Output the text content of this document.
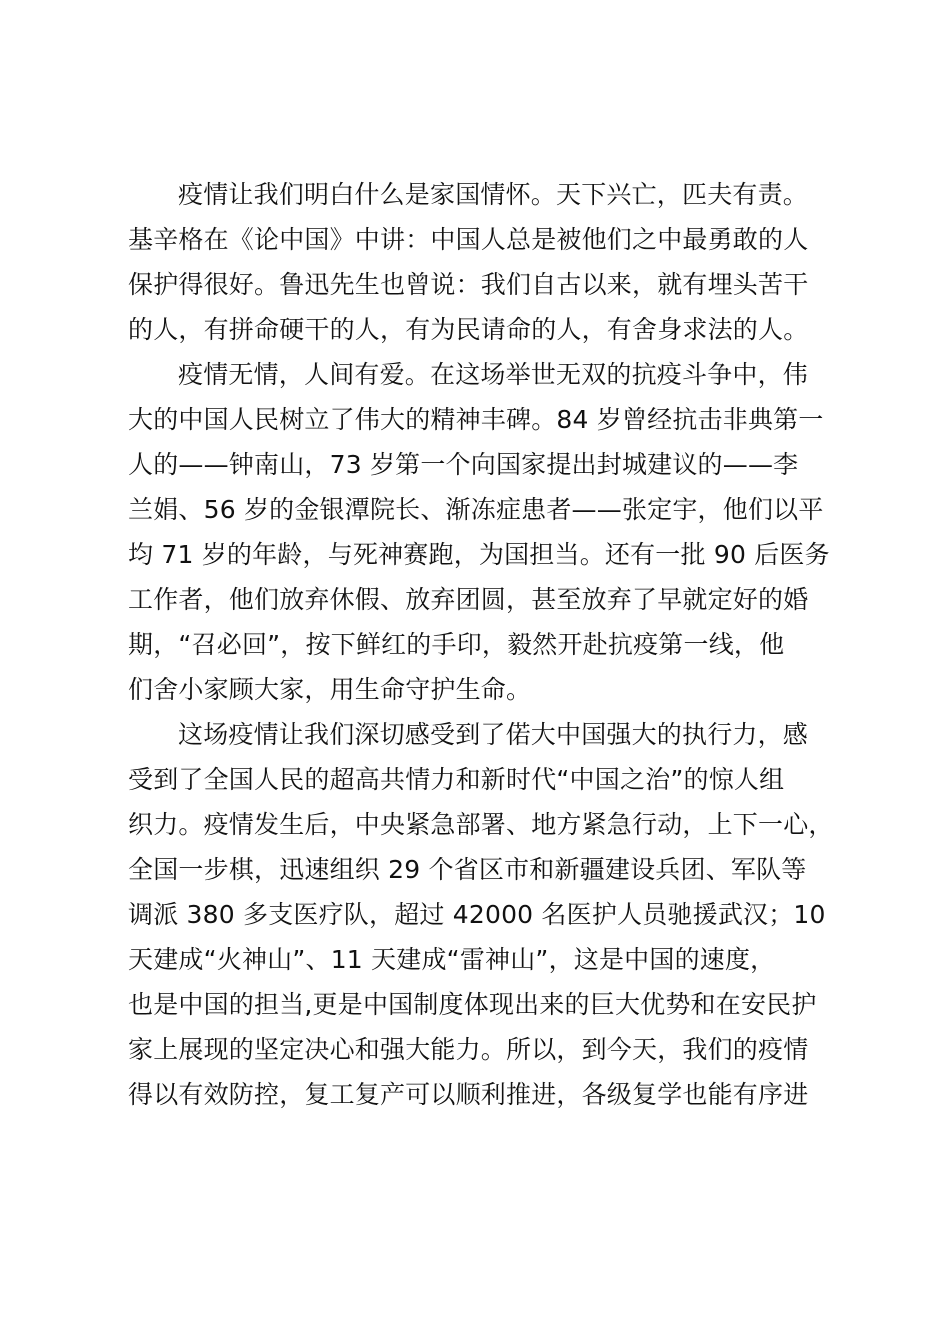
疫情让我们明白什么是家国情怀。天下兴亡，匹夫有责。
基辛格在《论中国》中讲：中国人总是被他们之中最勇敢的人
保护得很好。鲁迅先生也曾说：我们自古以来，就有埋头苦干
的人，有拼命硬干的人，有为民请命的人，有舍身求法的人。
疫情无情，人间有爱。在这场举世无双的抗疫斗争中，伟
大的中国人民树立了伟大的精神丰碑。84 岁曾经抗击非典第一
人的——钟南山，73 岁第一个向国家提出封城建议的——李
兰娟、56 岁的金银潭院长、渐冻症患者——张定宇，他们以平
均 71 岁的年龄，与死神赛跑，为国担当。还有一批 90 后医务
工作者，他们放弃休假、放弃团圆，甚至放弃了早就定好的婚
期，“召必回”，按下鲜红的手印，毅然开赴抗疫第一线，他
们舍小家顾大家，用生命守护生命。
这场疫情让我们深切感受到了偌大中国强大的执行力，感
受到了全国人民的超高共情力和新时代“中国之治”的惊人组
织力。疫情发生后，中央紧急部署、地方紧急行动，上下一心，
全国一步棋，迅速组织 29 个省区市和新疆建设兵团、军队等
调派 380 多支医疗队，超过 42000 名医护人员驰援武汉；10
天建成“火神山”、11 天建成“雷神山”，这是中国的速度，
也是中国的担当,更是中国制度体现出来的巨大优势和在安民护
家上展现的坚定决心和强大能力。所以，到今天，我们的疫情
得以有效防控，复工复产可以顺利推进，各级复学也能有序进
